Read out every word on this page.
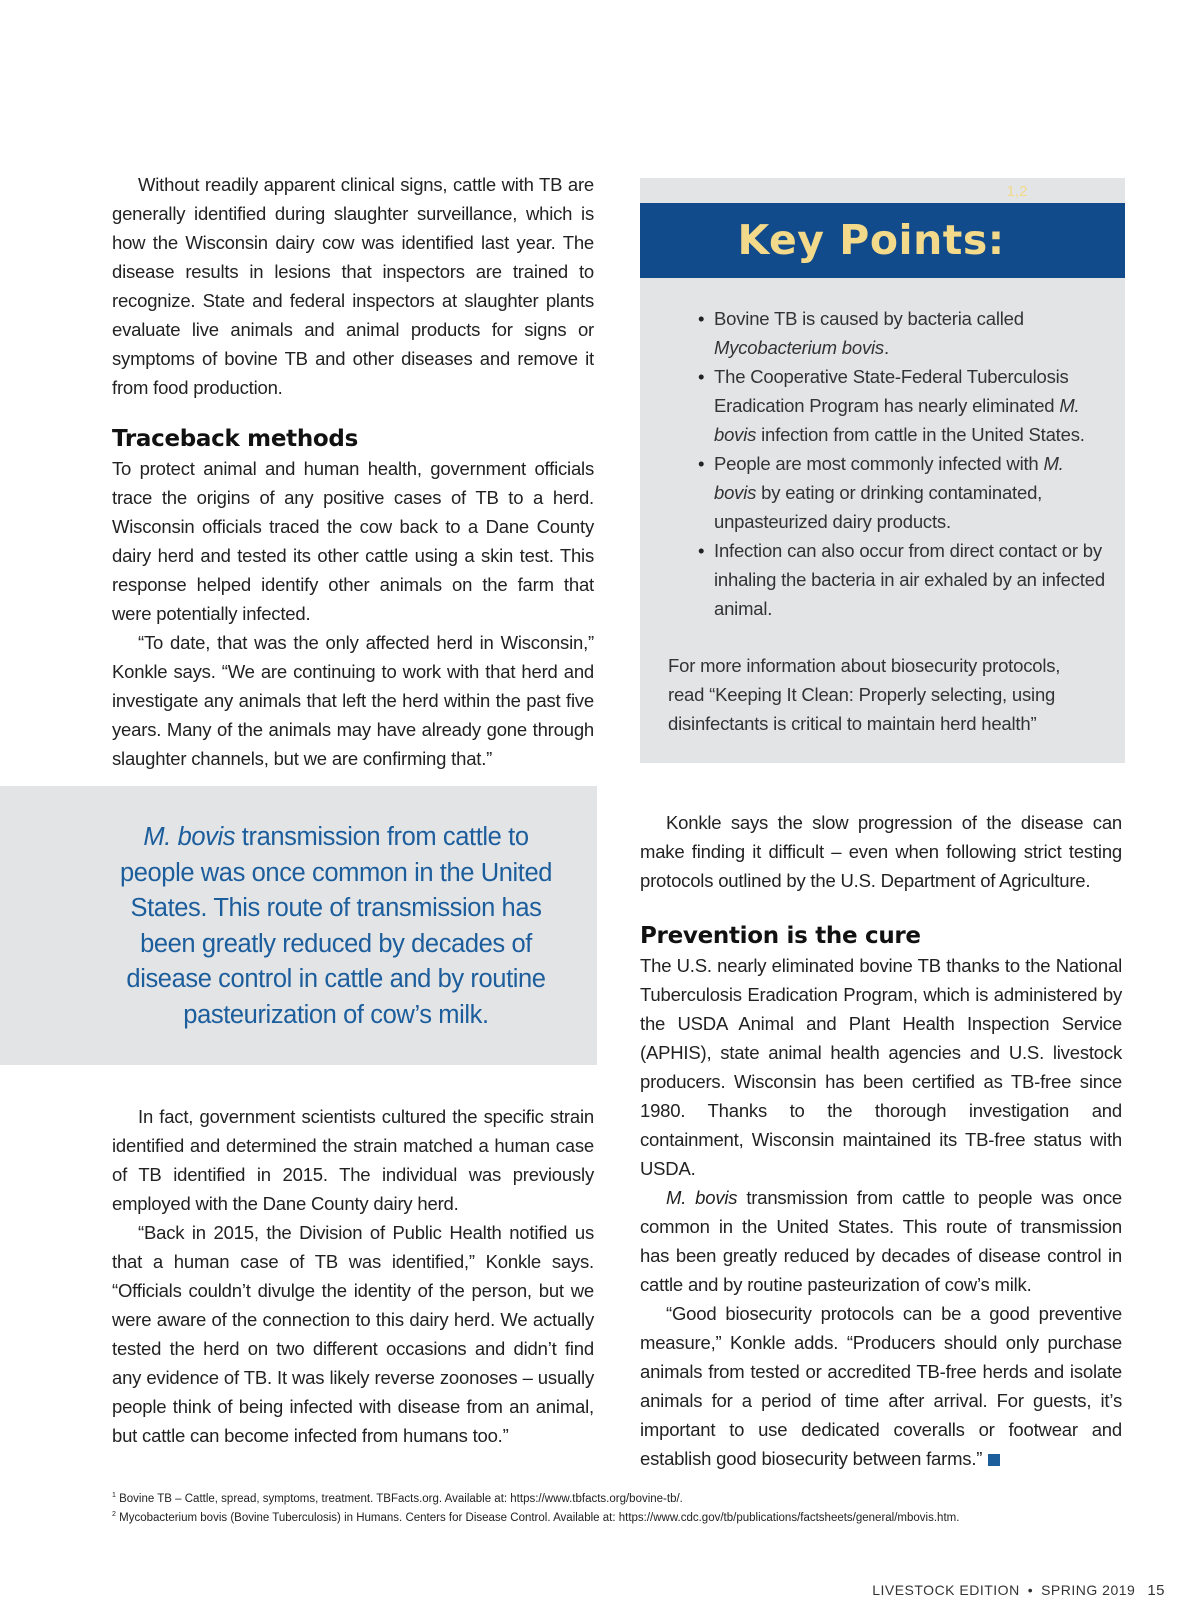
Without readily apparent clinical signs, cattle with TB are generally identified during slaughter surveillance, which is how the Wisconsin dairy cow was identified last year. The disease results in lesions that inspectors are trained to recognize. State and federal inspectors at slaughter plants evaluate live animals and animal products for signs or symptoms of bovine TB and other diseases and remove it from food production.

Traceback methods

To protect animal and human health, government officials trace the origins of any positive cases of TB to a herd. Wisconsin officials traced the cow back to a Dane County dairy herd and tested its other cattle using a skin test. This response helped identify other animals on the farm that were potentially infected.

“To date, that was the only affected herd in Wisconsin,” Konkle says. “We are continuing to work with that herd and investigate any animals that left the herd within the past five years. Many of the animals may have already gone through slaughter channels, but we are confirming that.”

Key Points:1,2
• Bovine TB is caused by bacteria called Mycobacterium bovis.
• The Cooperative State-Federal Tuberculosis Eradication Program has nearly eliminated M. bovis infection from cattle in the United States.
• People are most commonly infected with M. bovis by eating or drinking contaminated, unpasteurized dairy products.
• Infection can also occur from direct contact or by inhaling the bacteria in air exhaled by an infected animal.
For more information about biosecurity protocols, read “Keeping It Clean: Properly selecting, using disinfectants is critical to maintain herd health”
M. bovis transmission from cattle to people was once common in the United States. This route of transmission has been greatly reduced by decades of disease control in cattle and by routine pasteurization of cow’s milk.

In fact, government scientists cultured the specific strain identified and determined the strain matched a human case of TB identified in 2015. The individual was previously employed with the Dane County dairy herd.

“Back in 2015, the Division of Public Health notified us that a human case of TB was identified,” Konkle says. “Officials couldn’t divulge the identity of the person, but we were aware of the connection to this dairy herd. We actually tested the herd on two different occasions and didn’t find any evidence of TB. It was likely reverse zoonoses – usually people think of being infected with disease from an animal, but cattle can become infected from humans too.”

Konkle says the slow progression of the disease can make finding it difficult – even when following strict testing protocols outlined by the U.S. Department of Agriculture.

Prevention is the cure

The U.S. nearly eliminated bovine TB thanks to the National Tuberculosis Eradication Program, which is administered by the USDA Animal and Plant Health Inspection Service (APHIS), state animal health agencies and U.S. livestock producers. Wisconsin has been certified as TB-free since 1980. Thanks to the thorough investigation and containment, Wisconsin maintained its TB-free status with USDA.

M. bovis transmission from cattle to people was once common in the United States. This route of transmission has been greatly reduced by decades of disease control in cattle and by routine pasteurization of cow’s milk.

“Good biosecurity protocols can be a good preventive measure,” Konkle adds. “Producers should only purchase animals from tested or accredited TB-free herds and isolate animals for a period of time after arrival. For guests, it’s important to use dedicated coveralls or footwear and establish good biosecurity between farms.”

$^1$ Bovine TB – Cattle, spread, symptoms, treatment. TBFacts.org. Available at: https://www.tbfacts.org/bovine-tb/.
$^2$ Mycobacterium bovis (Bovine Tuberculosis) in Humans. Centers for Disease Control. Available at: https://www.cdc.gov/tb/publications/factsheets/general/mbovis.htm.
LIVESTOCK EDITION • SPRING 2019 15
